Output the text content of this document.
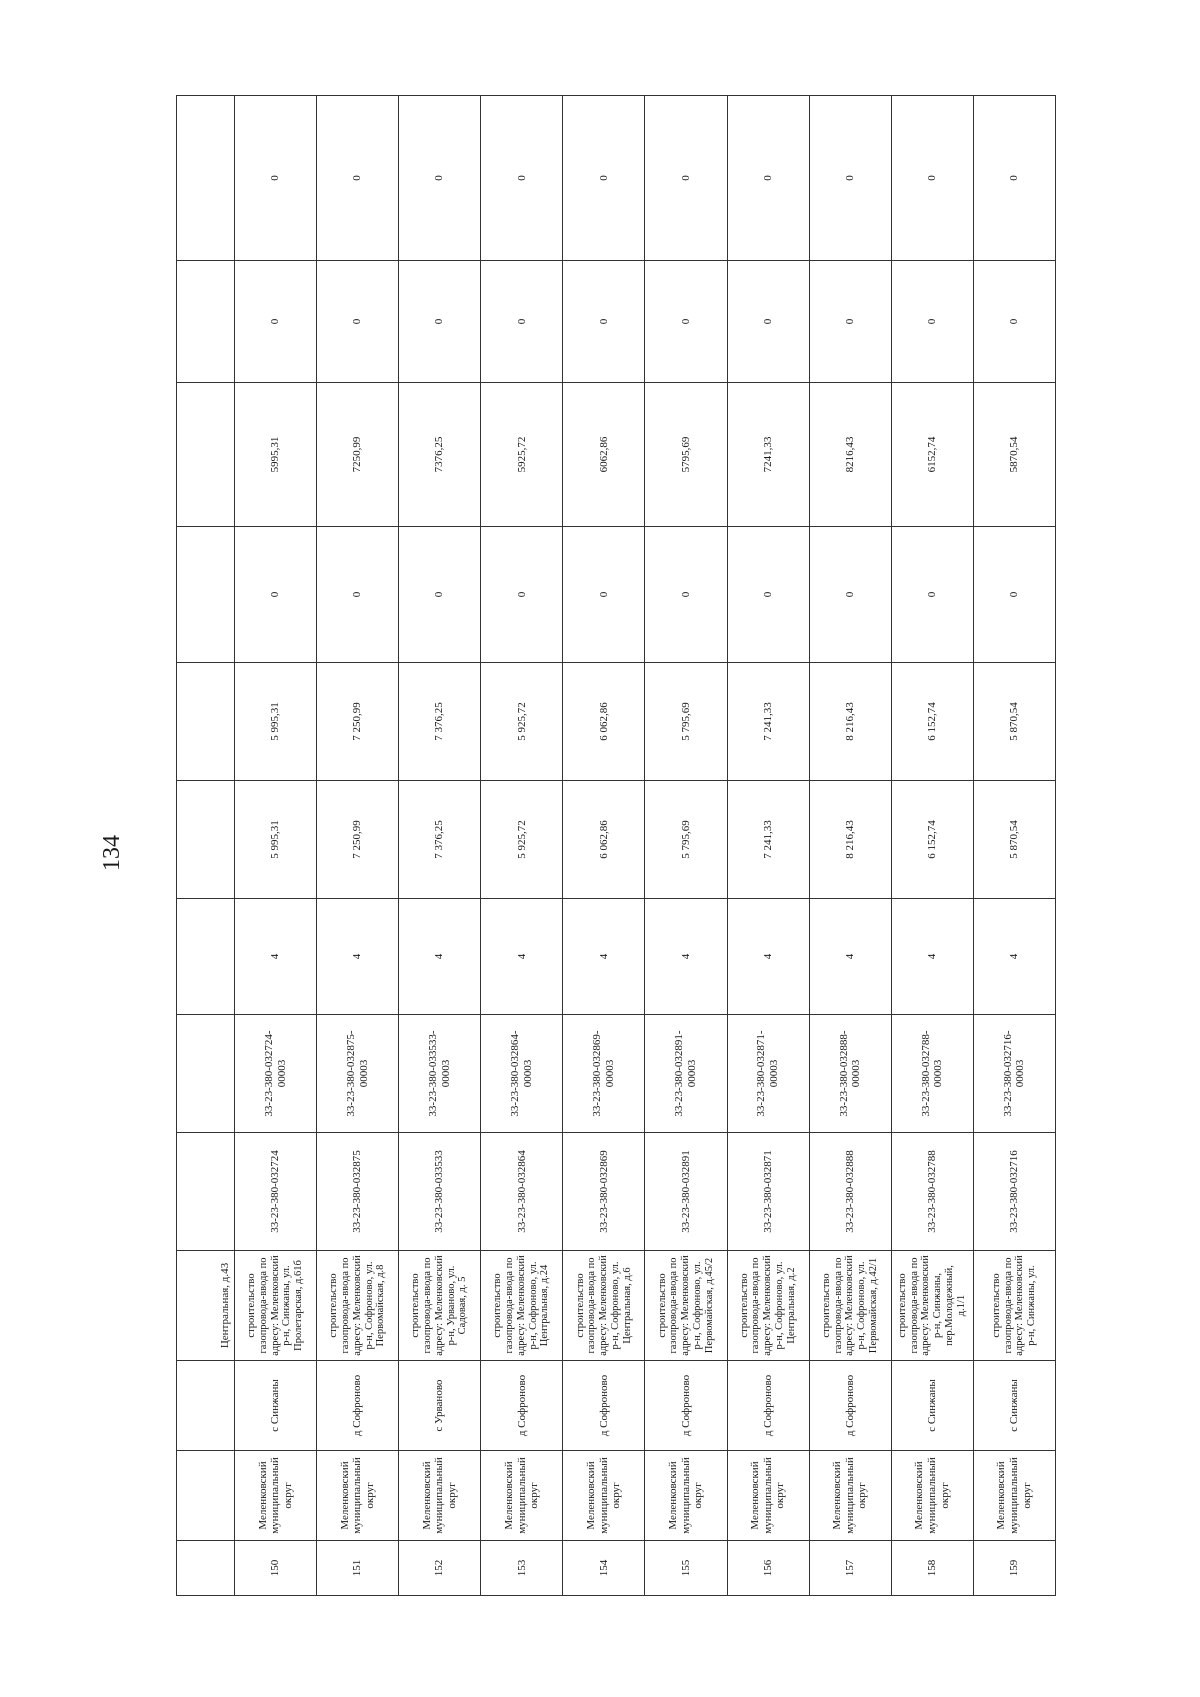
134
			Центральная, д.43									
150	Меленковский муниципальный округ	с Синжаны	строительство газопровода-ввода по адресу: Меленковский р-н, Синжаны, ул. Пролетарская, д.61б	33-23-380-032724	33-23-380-032724-00003	4	5 995,31	5 995,31	0	5995,31	0	0
151	Меленковский муниципальный округ	д Софроново	строительство газопровода-ввода по адресу: Меленковский р-н, Софроново, ул. Первомайская, д.8	33-23-380-032875	33-23-380-032875-00003	4	7 250,99	7 250,99	0	7250,99	0	0
152	Меленковский муниципальный округ	с Урваново	строительство газопровода-ввода по адресу: Меленковский р-н, Урваново, ул. Садовая, д. 5	33-23-380-033533	33-23-380-033533-00003	4	7 376,25	7 376,25	0	7376,25	0	0
153	Меленковский муниципальный округ	д Софроново	строительство газопровода-ввода по адресу: Меленковский р-н, Софроново, ул. Центральная, д.24	33-23-380-032864	33-23-380-032864-00003	4	5 925,72	5 925,72	0	5925,72	0	0
154	Меленковский муниципальный округ	д Софроново	строительство газопровода-ввода по адресу: Меленковский р-н, Софроново, ул. Центральная, д.6	33-23-380-032869	33-23-380-032869-00003	4	6 062,86	6 062,86	0	6062,86	0	0
155	Меленковский муниципальный округ	д Софроново	строительство газопровода-ввода по адресу: Меленковский р-н, Софроново, ул. Первомайская, д.45/2	33-23-380-032891	33-23-380-032891-00003	4	5 795,69	5 795,69	0	5795,69	0	0
156	Меленковский муниципальный округ	д Софроново	строительство газопровода-ввода по адресу: Меленковский р-н, Софроново, ул. Центральная, д.2	33-23-380-032871	33-23-380-032871-00003	4	7 241,33	7 241,33	0	7241,33	0	0
157	Меленковский муниципальный округ	д Софроново	строительство газопровода-ввода по адресу: Меленковский р-н, Софроново, ул. Первомайская, д.42/1	33-23-380-032888	33-23-380-032888-00003	4	8 216,43	8 216,43	0	8216,43	0	0
158	Меленковский муниципальный округ	с Синжаны	строительство газопровода-ввода по адресу: Меленковский р-н, Синжаны, пер.Молодежный, д.1/1	33-23-380-032788	33-23-380-032788-00003	4	6 152,74	6 152,74	0	6152,74	0	0
159	Меленковский муниципальный округ	с Синжаны	строительство газопровода-ввода по адресу: Меленковский р-н, Синжаны, ул.	33-23-380-032716	33-23-380-032716-00003	4	5 870,54	5 870,54	0	5870,54	0	0
